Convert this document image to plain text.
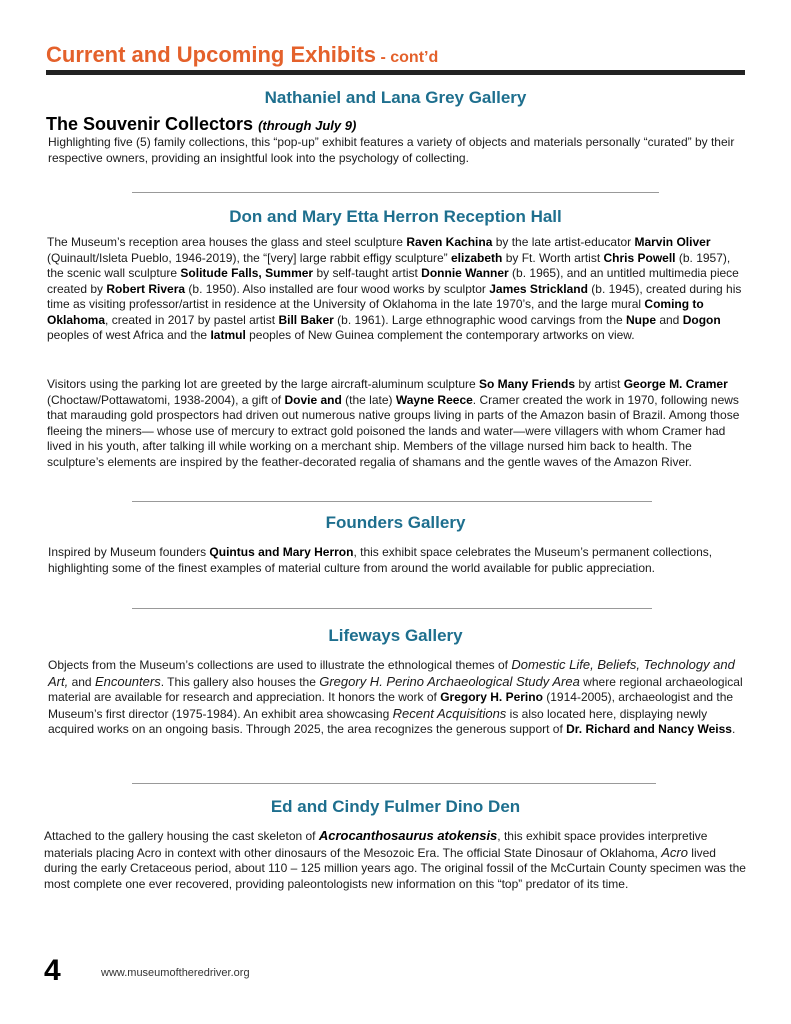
Current and Upcoming Exhibits - cont’d
Nathaniel and Lana Grey Gallery
The Souvenir Collectors (through July 9)
Highlighting five (5) family collections, this “pop-up” exhibit features a variety of objects and materials personally “curated” by their respective owners, providing an insightful look into the psychology of collecting.
Don and Mary Etta Herron Reception Hall
The Museum’s reception area houses the glass and steel sculpture Raven Kachina by the late artist-educator Marvin Oliver (Quinault/Isleta Pueblo, 1946-2019), the “[very] large rabbit effigy sculpture” elizabeth by Ft. Worth artist Chris Powell (b. 1957), the scenic wall sculpture Solitude Falls, Summer by self-taught artist Donnie Wanner (b. 1965), and an untitled multimedia piece created by Robert Rivera (b. 1950). Also installed are four wood works by sculptor James Strickland (b. 1945), created during his time as visiting professor/artist in residence at the University of Oklahoma in the late 1970’s, and the large mural Coming to Oklahoma, created in 2017 by pastel artist Bill Baker (b. 1961). Large ethnographic wood carvings from the Nupe and Dogon peoples of west Africa and the Iatmul peoples of New Guinea complement the contemporary artworks on view.
Visitors using the parking lot are greeted by the large aircraft-aluminum sculpture So Many Friends by artist George M. Cramer (Choctaw/Pottawatomi, 1938-2004), a gift of Dovie and (the late) Wayne Reece. Cramer created the work in 1970, following news that marauding gold prospectors had driven out numerous native groups living in parts of the Amazon basin of Brazil. Among those fleeing the miners— whose use of mercury to extract gold poisoned the lands and water—were villagers with whom Cramer had lived in his youth, after talking ill while working on a merchant ship. Members of the village nursed him back to health. The sculpture’s elements are inspired by the feather-decorated regalia of shamans and the gentle waves of the Amazon River.
Founders Gallery
Inspired by Museum founders Quintus and Mary Herron, this exhibit space celebrates the Museum’s permanent collections, highlighting some of the finest examples of material culture from around the world available for public appreciation.
Lifeways Gallery
Objects from the Museum’s collections are used to illustrate the ethnological themes of Domestic Life, Beliefs, Technology and Art, and Encounters. This gallery also houses the Gregory H. Perino Archaeological Study Area where regional archaeological material are available for research and appreciation. It honors the work of Gregory H. Perino (1914-2005), archaeologist and the Museum’s first director (1975-1984). An exhibit area showcasing Recent Acquisitions is also located here, displaying newly acquired works on an ongoing basis. Through 2025, the area recognizes the generous support of Dr. Richard and Nancy Weiss.
Ed and Cindy Fulmer Dino Den
Attached to the gallery housing the cast skeleton of Acrocanthosaurus atokensis, this exhibit space provides interpretive materials placing Acro in context with other dinosaurs of the Mesozoic Era. The official State Dinosaur of Oklahoma, Acro lived during the early Cretaceous period, about 110 – 125 million years ago. The original fossil of the McCurtain County specimen was the most complete one ever recovered, providing paleontologists new information on this “top” predator of its time.
4	www.museumoftheredriver.org
